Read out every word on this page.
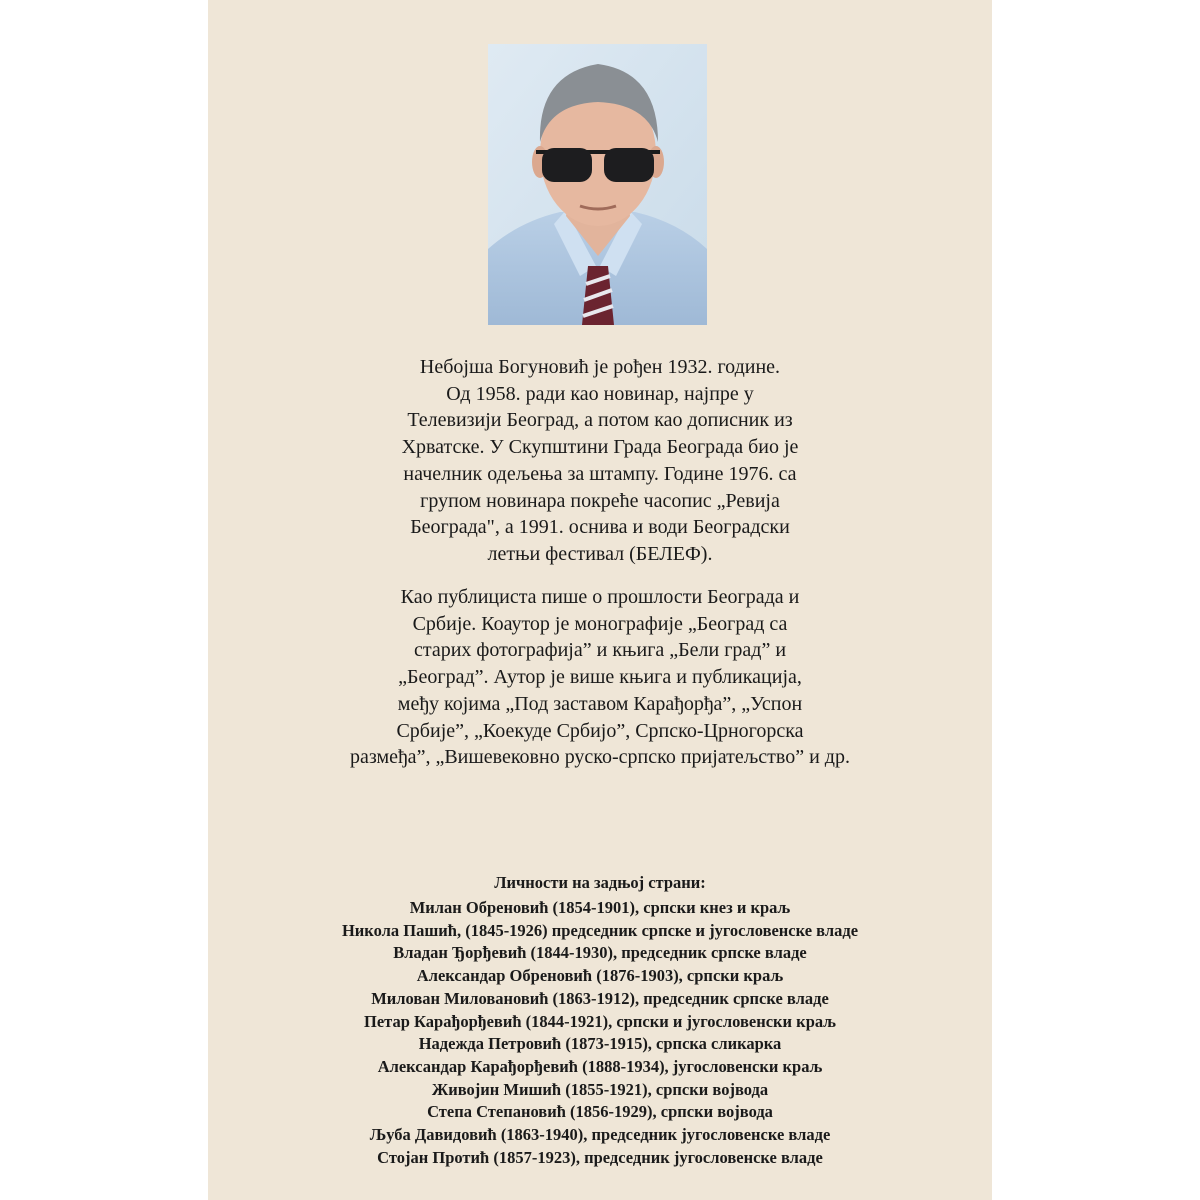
Небојша Богуновић је рођен 1932. године.
Од 1958. ради као новинар, најпре у
Телевизији Београд, а потом као дописник из
Хрватске. У Скупштини Града Београда био је
начелник одељења за штампу. Године 1976. са
групом новинара покреће часопис „Ревија
Београда", а 1991. оснива и води Београдски
летњи фестивал (БЕЛЕФ).

Као публициста пише о прошлости Београда и
Србије. Коаутор је монографије „Београд са
старих фотографија” и књига „Бели град” и
„Београд”. Аутор је више књига и публикација,
међу којима „Под заставом Карађорђа”, „Успон
Србије”, „Коекуде Србијо”, Српско-Црногорска
размеђа”, „Вишевековно руско-српско пријатељство” и др.

Личности на задњој страни:

Милан Обреновић (1854-1901), српски кнез и краљ
Никола Пашић, (1845-1926) председник српске и југословенске владе
Владан Ђорђевић (1844-1930), председник српске владе
Александар Обреновић (1876-1903), српски краљ
Милован Миловановић (1863-1912), председник српске владе
Петар Карађорђевић (1844-1921), српски и југословенски краљ
Надежда Петровић (1873-1915), српска сликарка
Александар Карађорђевић (1888-1934), југословенски краљ
Живојин Мишић (1855-1921), српски војвода
Степа Степановић (1856-1929), српски војвода
Љуба Давидовић (1863-1940), председник југословенске владе
Стојан Протић (1857-1923), председник југословенске владе
